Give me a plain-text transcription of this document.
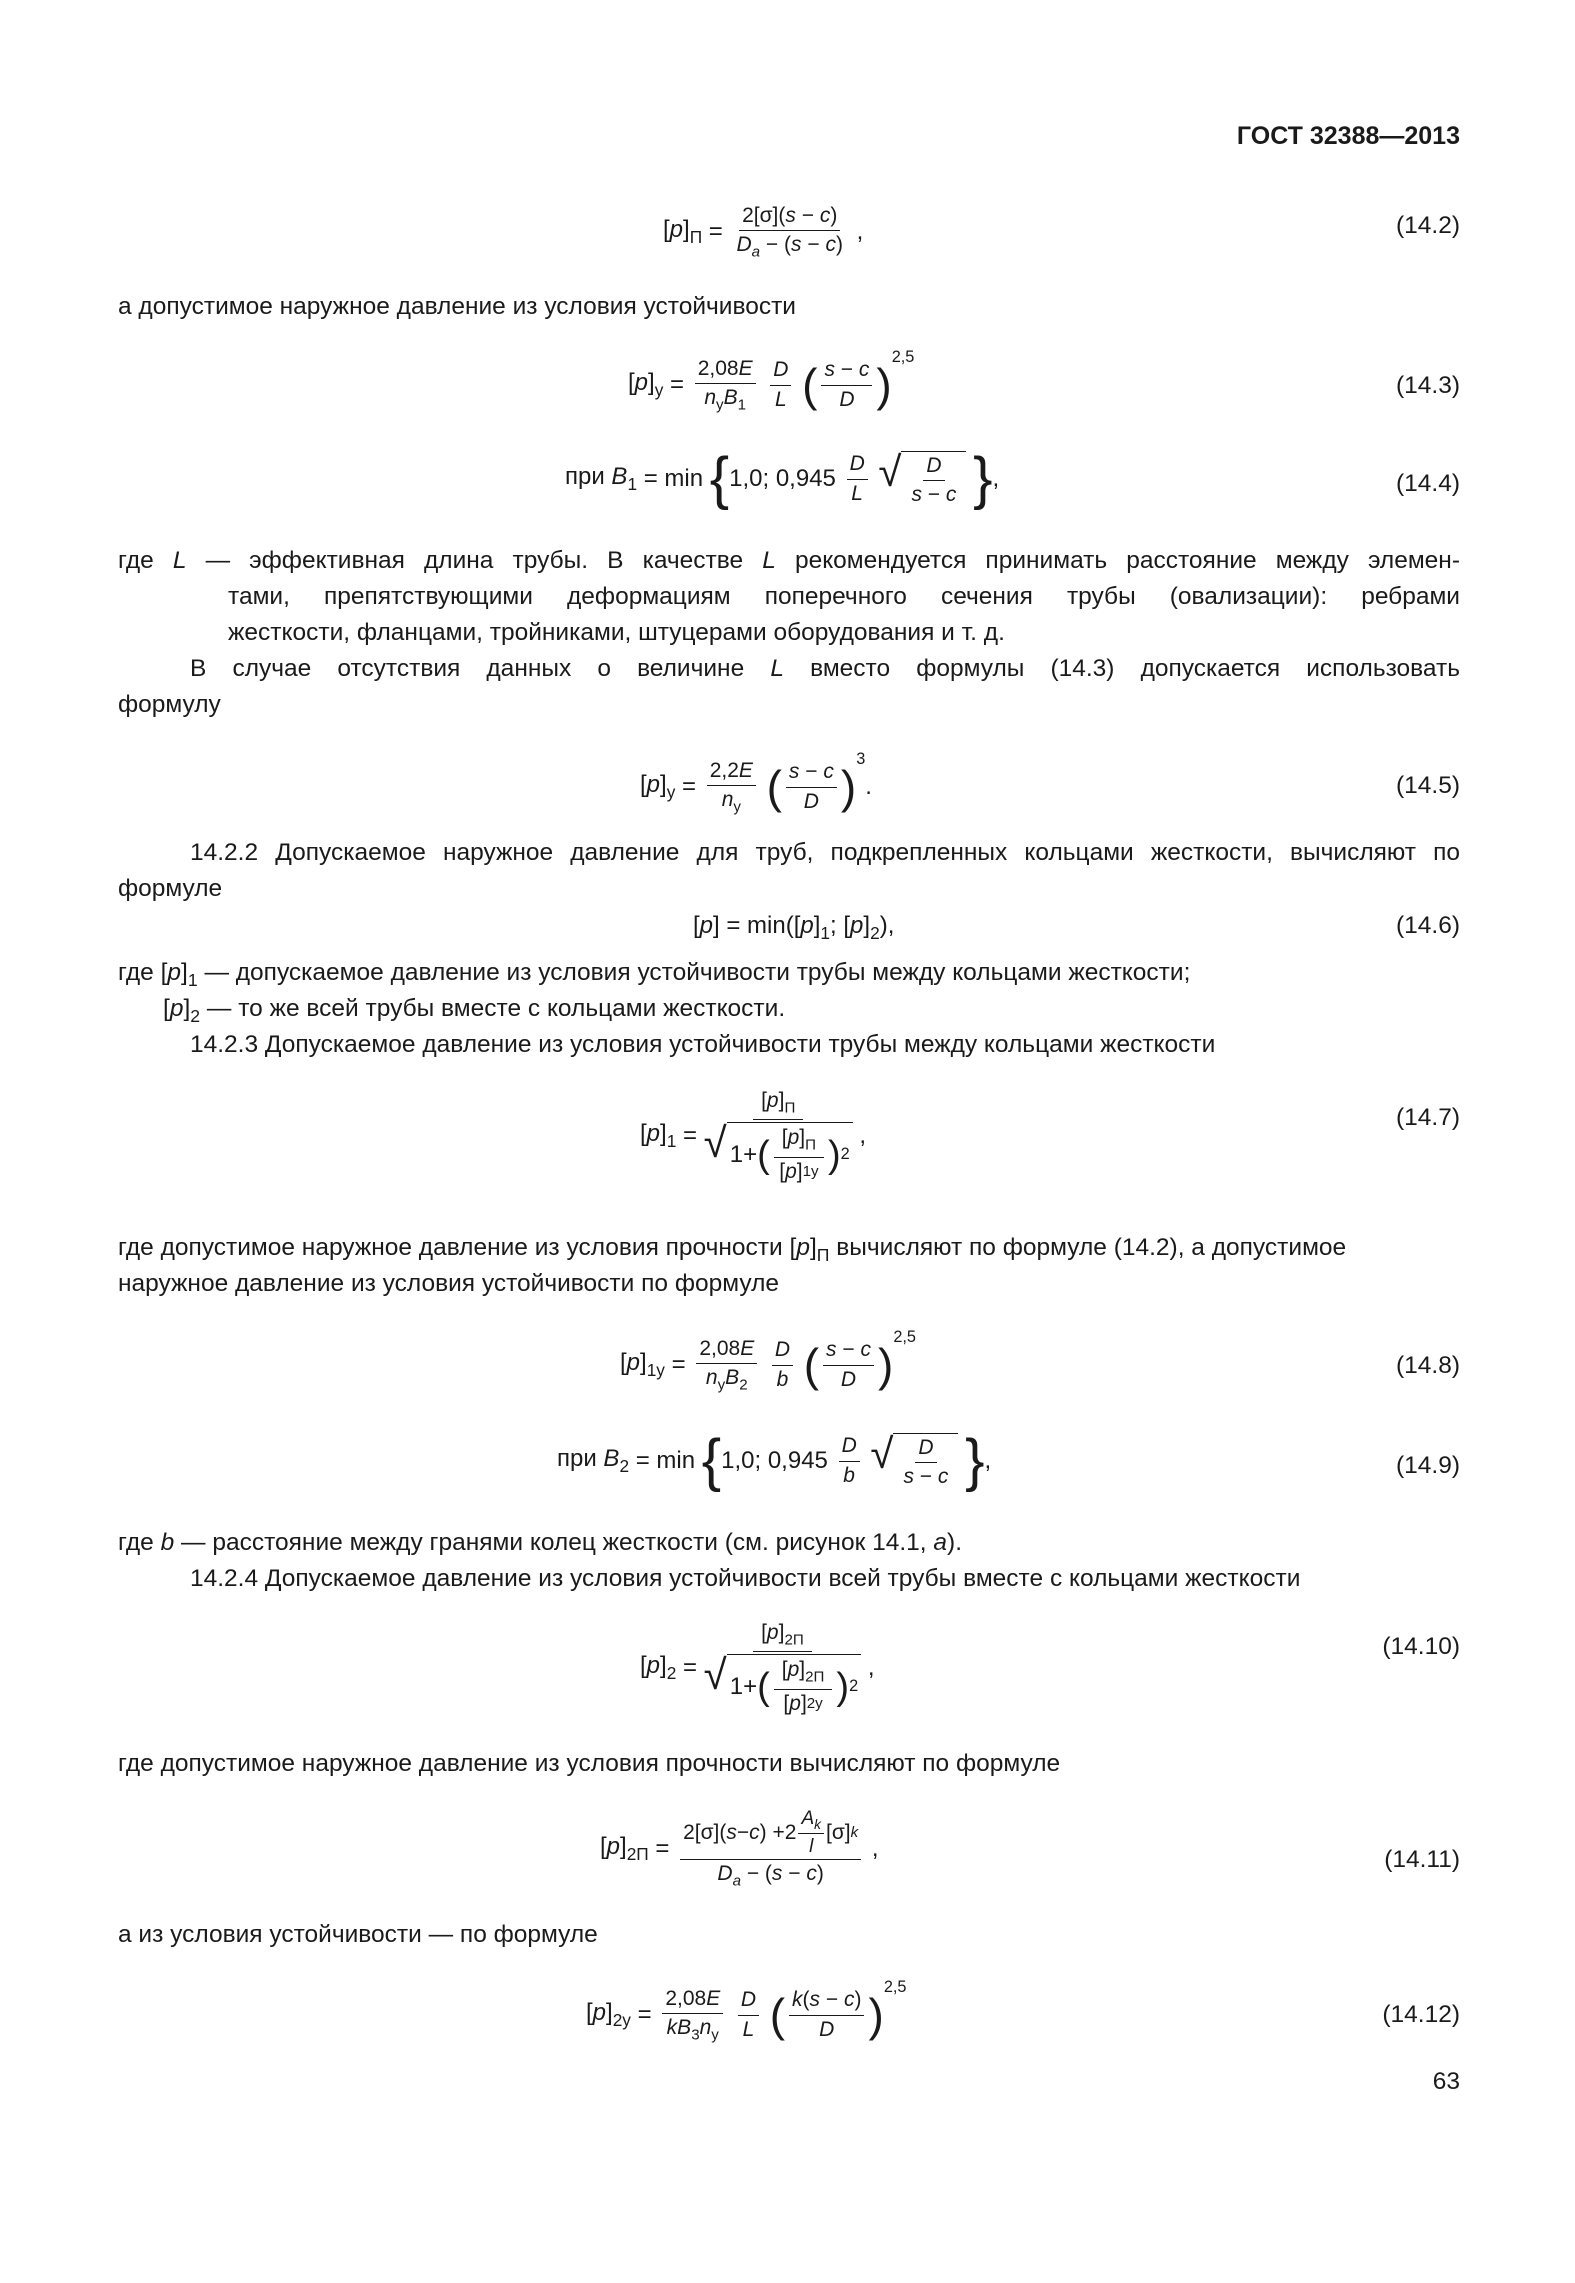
ГОСТ 32388—2013
$[p]_П = \frac{2[\sigma](s - c)}{D_a - (s - c)}$ ,	(14.2)
а допустимое наружное давление из условия устойчивости
$[p]_у = \frac{2,08E}{n_уB_1}$
$\frac{D}{L}$ ( $\frac{s - c}{D} )^{2,5}$
(14.3)
при $B_1 = \min \{1,0$; $0,945 \frac{D}{L}$
√ $\frac{D}{s - c}$ },	(14.4)
где L — эффективная длина трубы. В качестве L рекомендуется принимать расстояние между элемен-
тами, препятствующими деформациям поперечного сечения трубы (овализации): ребрами
жесткости, фланцами, тройниками, штуцерами оборудования и т. д.
В случае отсутствия данных о величине L вместо формулы (14.3) допускается использовать
формулу
$[p]_у = \frac{2,2E}{n_у}$ ( $\frac{s - c}{D} )^3$.	(14.5)
14.2.2 Допускаемое наружное давление для труб, подкрепленных кольцами жесткости, вычисляют по
формуле
$[p] = \min([p]_1$; $[p]_2$),	(14.6)
где $[p]_1$ — допускаемое давление из условия устойчивости трубы между кольцами жесткости;
$[p]_2$ — то же всей трубы вместе с кольцами жесткости.
14.2.3 Допускаемое давление из условия устойчивости трубы между кольцами жесткости
$[p]_1 = \frac{[p]_П}{√ 1+ ( \frac{[p]_П}{[ p ] 1у} ) 2}$ ,
(14.7)
где допустимое наружное давление из условия прочности $[p]_П$ вычисляют по формуле (14.2), а допустимое
наружное давление из условия устойчивости по формуле
$[p]_{1у} = \frac{2,08E}{n_уB_2}$
$\frac{D}{b}$ ( $\frac{s - c}{D} )^{2,5}$
(14.8)
при $B_2 = \min \{1,0$; $0,945 \frac{D}{b}$
√ $\frac{D}{s - c}$ },	(14.9)
где b — расстояние между гранями колец жесткости (см. рисунок 14.1, a).
14.2.4 Допускаемое давление из условия устойчивости всей трубы вместе с кольцами жесткости
$[p]_2 = \frac{[p]_{2П}}{√ 1+ ( \frac{[p]_{2П}}{[ p ] 2у} ) 2}$ ,
(14.10)
где допустимое наружное давление из условия прочности вычисляют по формуле
$[p]_{2П} = \frac{2 [\sigma] ( s - c ) + 2 \frac{A_k}{l} [\sigma] k}{D_a - (s - c)}$ ,	(14.11)
а из условия устойчивости — по формуле
$[p]_{2у} = \frac{2,08E}{kB_3n_у}$
$\frac{D}{L}$ ( $\frac{k(s - c)}{D} )^{2,5}$
(14.12)
63
